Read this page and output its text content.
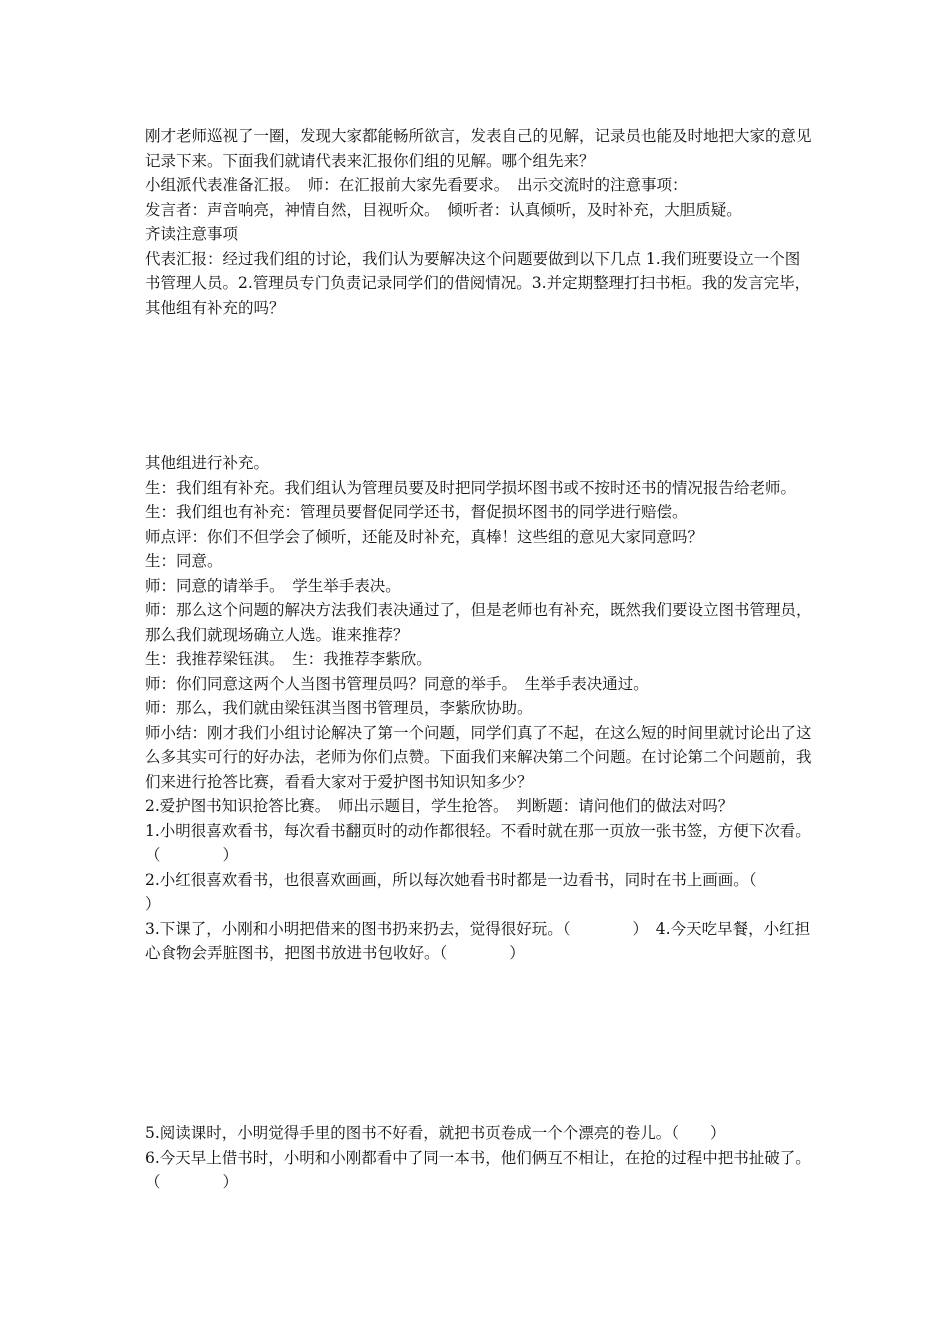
刚才老师巡视了一圈，发现大家都能畅所欲言，发表自己的见解，记录员也能及时地把大家的意见记录下来。下面我们就请代表来汇报你们组的见解。哪个组先来？

小组派代表准备汇报。　师：在汇报前大家先看要求。　出示交流时的注意事项：

发言者：声音响亮，神情自然，目视听众。　倾听者：认真倾听，及时补充，大胆质疑。

齐读注意事项

代表汇报：经过我们组的讨论，我们认为要解决这个问题要做到以下几点 1.我们班要设立一个图书管理人员。2.管理员专门负责记录同学们的借阅情况。3.并定期整理打扫书柜。我的发言完毕，其他组有补充的吗？

其他组进行补充。

生：我们组有补充。我们组认为管理员要及时把同学损坏图书或不按时还书的情况报告给老师。

生：我们组也有补充：管理员要督促同学还书，督促损坏图书的同学进行赔偿。

师点评：你们不但学会了倾听，还能及时补充，真棒！这些组的意见大家同意吗？

生：同意。

师：同意的请举手。　学生举手表决。

师：那么这个问题的解决方法我们表决通过了，但是老师也有补充，既然我们要设立图书管理员，那么我们就现场确立人选。谁来推荐？

生：我推荐梁钰淇。　生：我推荐李紫欣。

师：你们同意这两个人当图书管理员吗？同意的举手。　生举手表决通过。

师：那么，我们就由梁钰淇当图书管理员，李紫欣协助。

师小结：刚才我们小组讨论解决了第一个问题，同学们真了不起，在这么短的时间里就讨论出了这么多其实可行的好办法，老师为你们点赞。下面我们来解决第二个问题。在讨论第二个问题前，我们来进行抢答比赛，看看大家对于爱护图书知识知多少？

2.爱护图书知识抢答比赛。　师出示题目，学生抢答。　判断题：请问他们的做法对吗？

1.小明很喜欢看书，每次看书翻页时的动作都很轻。不看时就在那一页放一张书签，方便下次看。（　　　　）

2.小红很喜欢看书，也很喜欢画画，所以每次她看书时都是一边看书，同时在书上画画。（　　　　）

3.下课了，小刚和小明把借来的图书扔来扔去，觉得很好玩。（　　　　）　4.今天吃早餐，小红担心食物会弄脏图书，把图书放进书包收好。（　　　　）

5.阅读课时，小明觉得手里的图书不好看，就把书页卷成一个个漂亮的卷儿。（　　）

6.今天早上借书时，小明和小刚都看中了同一本书，他们俩互不相让，在抢的过程中把书扯破了。（　　　　）
